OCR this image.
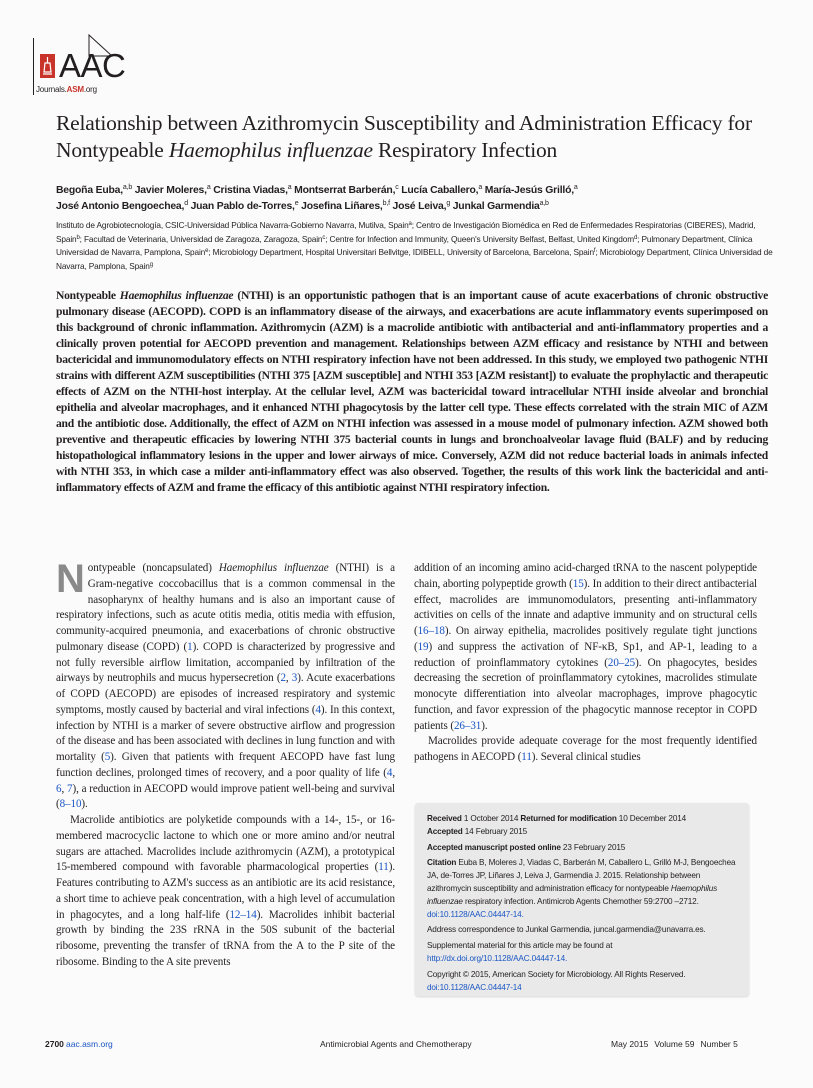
AAC
Journals.ASM.org
Relationship between Azithromycin Susceptibility and Administration Efficacy for Nontypeable Haemophilus influenzae Respiratory Infection
Begoña Euba,$^{a,b}$ Javier Moleres,$^a$ Cristina Viadas,$^a$ Montserrat Barberán,$^c$ Lucía Caballero,$^a$ María-Jesús Grilló,$^a$
José Antonio Bengoechea,$^d$ Juan Pablo de-Torres,$^e$ Josefina Liñares,$^{b,f}$ José Leiva,$^g$ Junkal Garmendia$^{a,b}$
Instituto de Agrobiotecnología, CSIC-Universidad Pública Navarra-Gobierno Navarra, Mutilva, Spain$^a$; Centro de Investigación Biomédica en Red de Enfermedades Respiratorias (CIBERES), Madrid, Spain$^b$; Facultad de Veterinaria, Universidad de Zaragoza, Zaragoza, Spain$^c$; Centre for Infection and Immunity, Queen's University Belfast, Belfast, United Kingdom$^d$; Pulmonary Department, Clínica Universidad de Navarra, Pamplona, Spain$^e$; Microbiology Department, Hospital Universitari Bellvitge, IDIBELL, University of Barcelona, Barcelona, Spain$^f$; Microbiology Department, Clínica Universidad de Navarra, Pamplona, Spain$^g$
Nontypeable Haemophilus influenzae (NTHI) is an opportunistic pathogen that is an important cause of acute exacerbations of chronic obstructive pulmonary disease (AECOPD). COPD is an inflammatory disease of the airways, and exacerbations are acute inflammatory events superimposed on this background of chronic inflammation. Azithromycin (AZM) is a macrolide antibiotic with antibacterial and anti-inflammatory properties and a clinically proven potential for AECOPD prevention and management. Relationships between AZM efficacy and resistance by NTHI and between bactericidal and immunomodulatory effects on NTHI respiratory infection have not been addressed. In this study, we employed two pathogenic NTHI strains with different AZM susceptibilities (NTHI 375 [AZM susceptible] and NTHI 353 [AZM resistant]) to evaluate the prophylactic and therapeutic effects of AZM on the NTHI-host interplay. At the cellular level, AZM was bactericidal toward intracellular NTHI inside alveolar and bronchial epithelia and alveolar macrophages, and it enhanced NTHI phagocytosis by the latter cell type. These effects correlated with the strain MIC of AZM and the antibiotic dose. Additionally, the effect of AZM on NTHI infection was assessed in a mouse model of pulmonary infection. AZM showed both preventive and therapeutic efficacies by lowering NTHI 375 bacterial counts in lungs and bronchoalveolar lavage fluid (BALF) and by reducing histopathological inflammatory lesions in the upper and lower airways of mice. Conversely, AZM did not reduce bacterial loads in animals infected with NTHI 353, in which case a milder anti-inflammatory effect was also observed. Together, the results of this work link the bactericidal and anti-inflammatory effects of AZM and frame the efficacy of this antibiotic against NTHI respiratory infection.

Nontypeable (noncapsulated) Haemophilus influenzae (NTHI) is a Gram-negative coccobacillus that is a common commensal in the nasopharynx of healthy humans and is also an important cause of respiratory infections, such as acute otitis media, otitis media with effusion, community-acquired pneumonia, and exacerbations of chronic obstructive pulmonary disease (COPD) (1). COPD is characterized by progressive and not fully reversible airflow limitation, accompanied by infiltration of the airways by neutrophils and mucus hypersecretion (2, 3). Acute exacerbations of COPD (AECOPD) are episodes of increased respiratory and systemic symptoms, mostly caused by bacterial and viral infections (4). In this context, infection by NTHI is a marker of severe obstructive airflow and progression of the disease and has been associated with declines in lung function and with mortality (5). Given that patients with frequent AECOPD have fast lung function declines, prolonged times of recovery, and a poor quality of life (4, 6, 7), a reduction in AECOPD would improve patient well-being and survival (8–10).

Macrolide antibiotics are polyketide compounds with a 14-, 15-, or 16-membered macrocyclic lactone to which one or more amino and/or neutral sugars are attached. Macrolides include azithromycin (AZM), a prototypical 15-membered compound with favorable pharmacological properties (11). Features contributing to AZM's success as an antibiotic are its acid resistance, a short time to achieve peak concentration, with a high level of accumulation in phagocytes, and a long half-life (12–14). Macrolides inhibit bacterial growth by binding the 23S rRNA in the 50S subunit of the bacterial ribosome, preventing the transfer of tRNA from the A to the P site of the ribosome. Binding to the A site prevents

addition of an incoming amino acid-charged tRNA to the nascent polypeptide chain, aborting polypeptide growth (15). In addition to their direct antibacterial effect, macrolides are immunomodulators, presenting anti-inflammatory activities on cells of the innate and adaptive immunity and on structural cells (16–18). On airway epithelia, macrolides positively regulate tight junctions (19) and suppress the activation of NF-κB, Sp1, and AP-1, leading to a reduction of proinflammatory cytokines (20–25). On phagocytes, besides decreasing the secretion of proinflammatory cytokines, macrolides stimulate monocyte differentiation into alveolar macrophages, improve phagocytic function, and favor expression of the phagocytic mannose receptor in COPD patients (26–31).

Macrolides provide adequate coverage for the most frequently identified pathogens in AECOPD (11). Several clinical studies

Received 1 October 2014 Returned for modification 10 December 2014
Accepted 14 February 2015
Accepted manuscript posted online 23 February 2015
Citation Euba B, Moleres J, Viadas C, Barberán M, Caballero L, Grilló M-J, Bengoechea JA, de-Torres JP, Liñares J, Leiva J, Garmendia J. 2015. Relationship between azithromycin susceptibility and administration efficacy for nontypeable Haemophilus influenzae respiratory infection. Antimicrob Agents Chemother 59:2700 –2712. doi:10.1128/AAC.04447-14.
Address correspondence to Junkal Garmendia, juncal.garmendia@unavarra.es.
Supplemental material for this article may be found at http://dx.doi.org/10.1128/AAC.04447-14.
Copyright © 2015, American Society for Microbiology. All Rights Reserved.
doi:10.1128/AAC.04447-14
2700 aac.asm.org	Antimicrobial Agents and Chemotherapy	May 2015 Volume 59 Number 5
